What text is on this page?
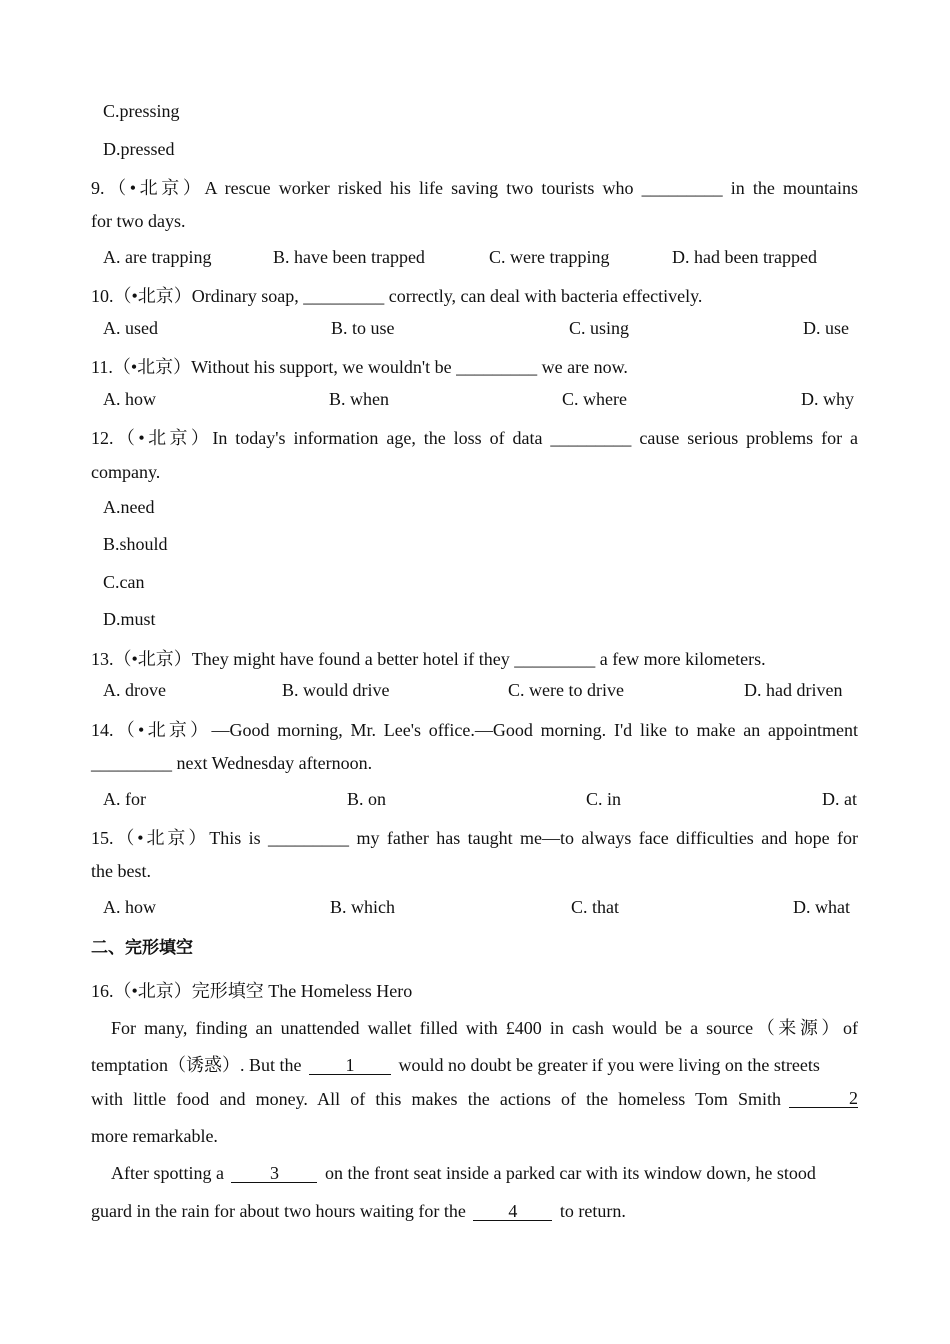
C.pressing
D.pressed
9.（•北京）A rescue worker risked his life saving two tourists who _________ in the mountains
for two days.
A. are trapping	B. have been trapped	C. were trapping	D. had been trapped
10.（•北京）Ordinary soap, _________ correctly, can deal with bacteria effectively.
A. used	B. to use	C. using	D. use
11.（•北京）Without his support, we wouldn't be _________ we are now.
A. how	B. when	C. where	D. why
12.（•北京）In today's information age, the loss of data _________ cause serious problems for a
company.
A.need
B.should
C.can
D.must
13.（•北京）They might have found a better hotel if they _________ a few more kilometers.
A. drove	B. would drive	C. were to drive	D. had driven
14.（•北京）—Good morning, Mr. Lee's office.—Good morning. I'd like to make an appointment
_________ next Wednesday afternoon.
A. for	B. on	C. in	D. at
15.（•北京）This is _________ my father has taught me—to always face difficulties and hope for
the best.
A. how	B. which	C. that	D. what
二、完形填空
16.（•北京）完形填空 The Homeless Hero
For many, finding an unattended wallet filled with £400 in cash would be a source（来源）of
temptation（诱惑）. But the 1 would no doubt be greater if you were living on the streets
with little food and money. All of this makes the actions of the homeless Tom Smith	2
more remarkable.
After spotting a	3	on the front seat inside a parked car with its window down, he stood
guard in the rain for about two hours waiting for the 4 to return.
